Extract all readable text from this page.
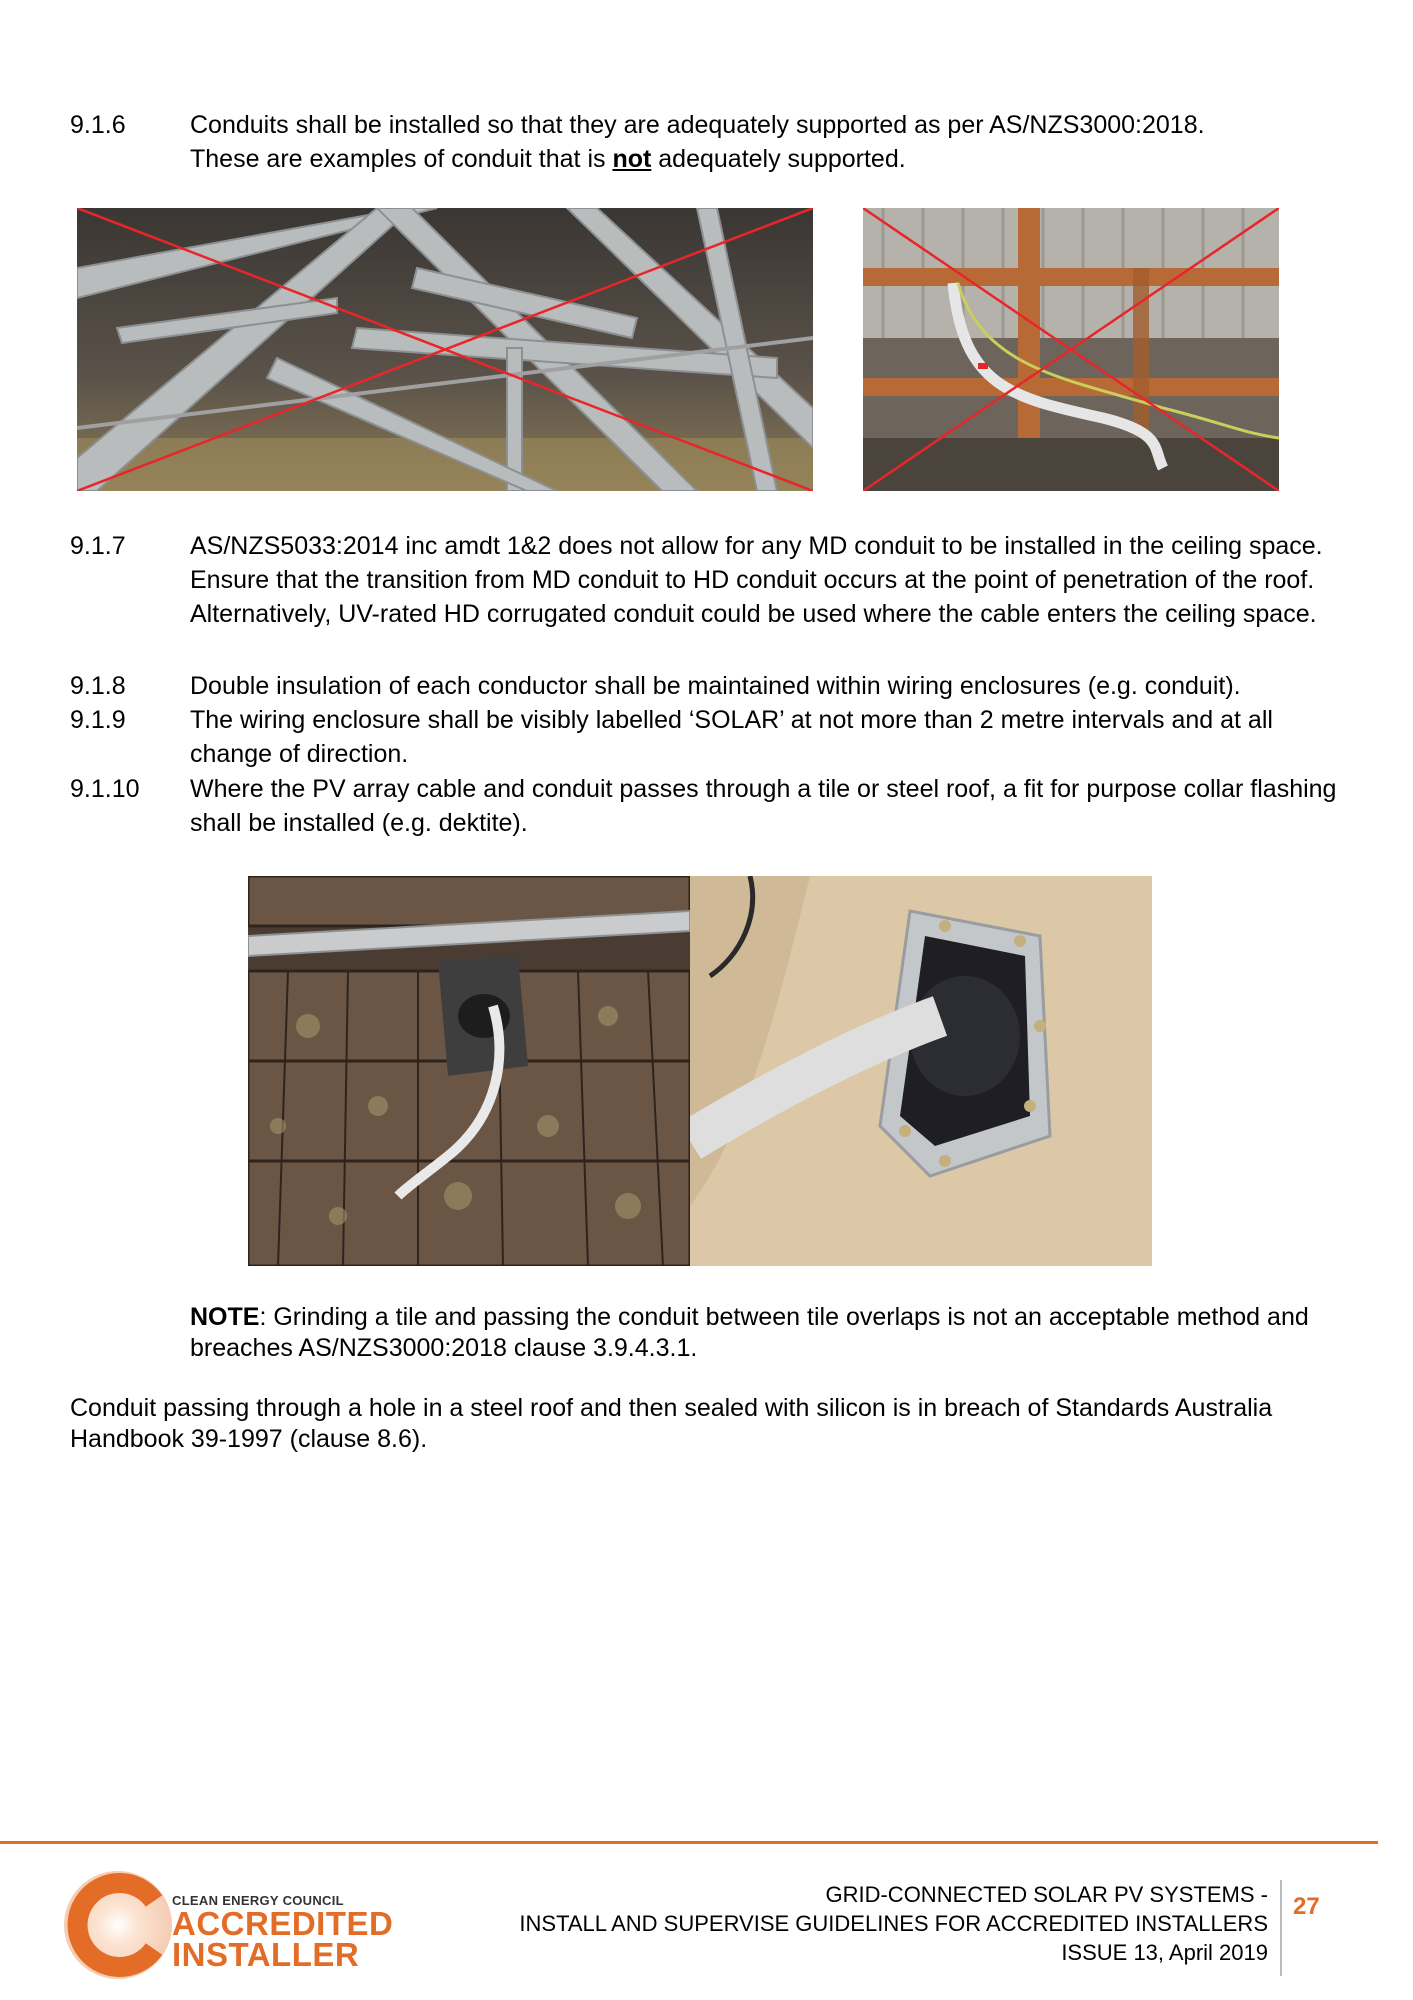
9.1.6	Conduits shall be installed so that they are adequately supported as per AS/NZS3000:2018.
These are examples of conduit that is not adequately supported.
9.1.7	AS/NZS5033:2014 inc amdt 1&2 does not allow for any MD conduit to be installed in the ceiling space. Ensure that the transition from MD conduit to HD conduit occurs at the point of penetration of the roof. Alternatively, UV-rated HD corrugated conduit could be used where the cable enters the ceiling space.
9.1.8	Double insulation of each conductor shall be maintained within wiring enclosures (e.g. conduit).
9.1.9	The wiring enclosure shall be visibly labelled ‘SOLAR’ at not more than 2 metre intervals and at all change of direction.
9.1.10 Where the PV array cable and conduit passes through a tile or steel roof, a fit for purpose collar flashing shall be installed (e.g. dektite).
NOTE: Grinding a tile and passing the conduit between tile overlaps is not an acceptable method and breaches AS/NZS3000:2018 clause 3.9.4.3.1.
Conduit passing through a hole in a steel roof and then sealed with silicon is in breach of Standards Australia Handbook 39-1997 (clause 8.6).
CLEAN ENERGY COUNCIL
ACCREDITED
INSTALLER
GRID-CONNECTED SOLAR PV SYSTEMS -
INSTALL AND SUPERVISE GUIDELINES FOR ACCREDITED INSTALLERS
ISSUE 13, April 2019
27
